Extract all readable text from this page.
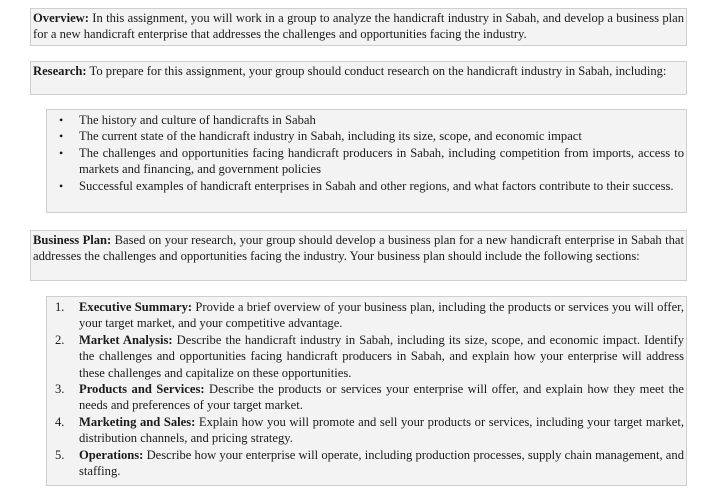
Overview: In this assignment, you will work in a group to analyze the handicraft industry in Sabah, and develop a business plan for a new handicraft enterprise that addresses the challenges and opportunities facing the industry.
Research: To prepare for this assignment, your group should conduct research on the handicraft industry in Sabah, including:
• The history and culture of handicrafts in Sabah
• The current state of the handicraft industry in Sabah, including its size, scope, and economic impact
• The challenges and opportunities facing handicraft producers in Sabah, including competition from imports, access to markets and financing, and government policies
• Successful examples of handicraft enterprises in Sabah and other regions, and what factors contribute to their success.
Business Plan: Based on your research, your group should develop a business plan for a new handicraft enterprise in Sabah that addresses the challenges and opportunities facing the industry. Your business plan should include the following sections:
1. Executive Summary: Provide a brief overview of your business plan, including the products or services you will offer, your target market, and your competitive advantage.
2. Market Analysis: Describe the handicraft industry in Sabah, including its size, scope, and economic impact. Identify the challenges and opportunities facing handicraft producers in Sabah, and explain how your enterprise will address these challenges and capitalize on these opportunities.
3. Products and Services: Describe the products or services your enterprise will offer, and explain how they meet the needs and preferences of your target market.
4. Marketing and Sales: Explain how you will promote and sell your products or services, including your target market, distribution channels, and pricing strategy.
5. Operations: Describe how your enterprise will operate, including production processes, supply chain management, and staffing.
